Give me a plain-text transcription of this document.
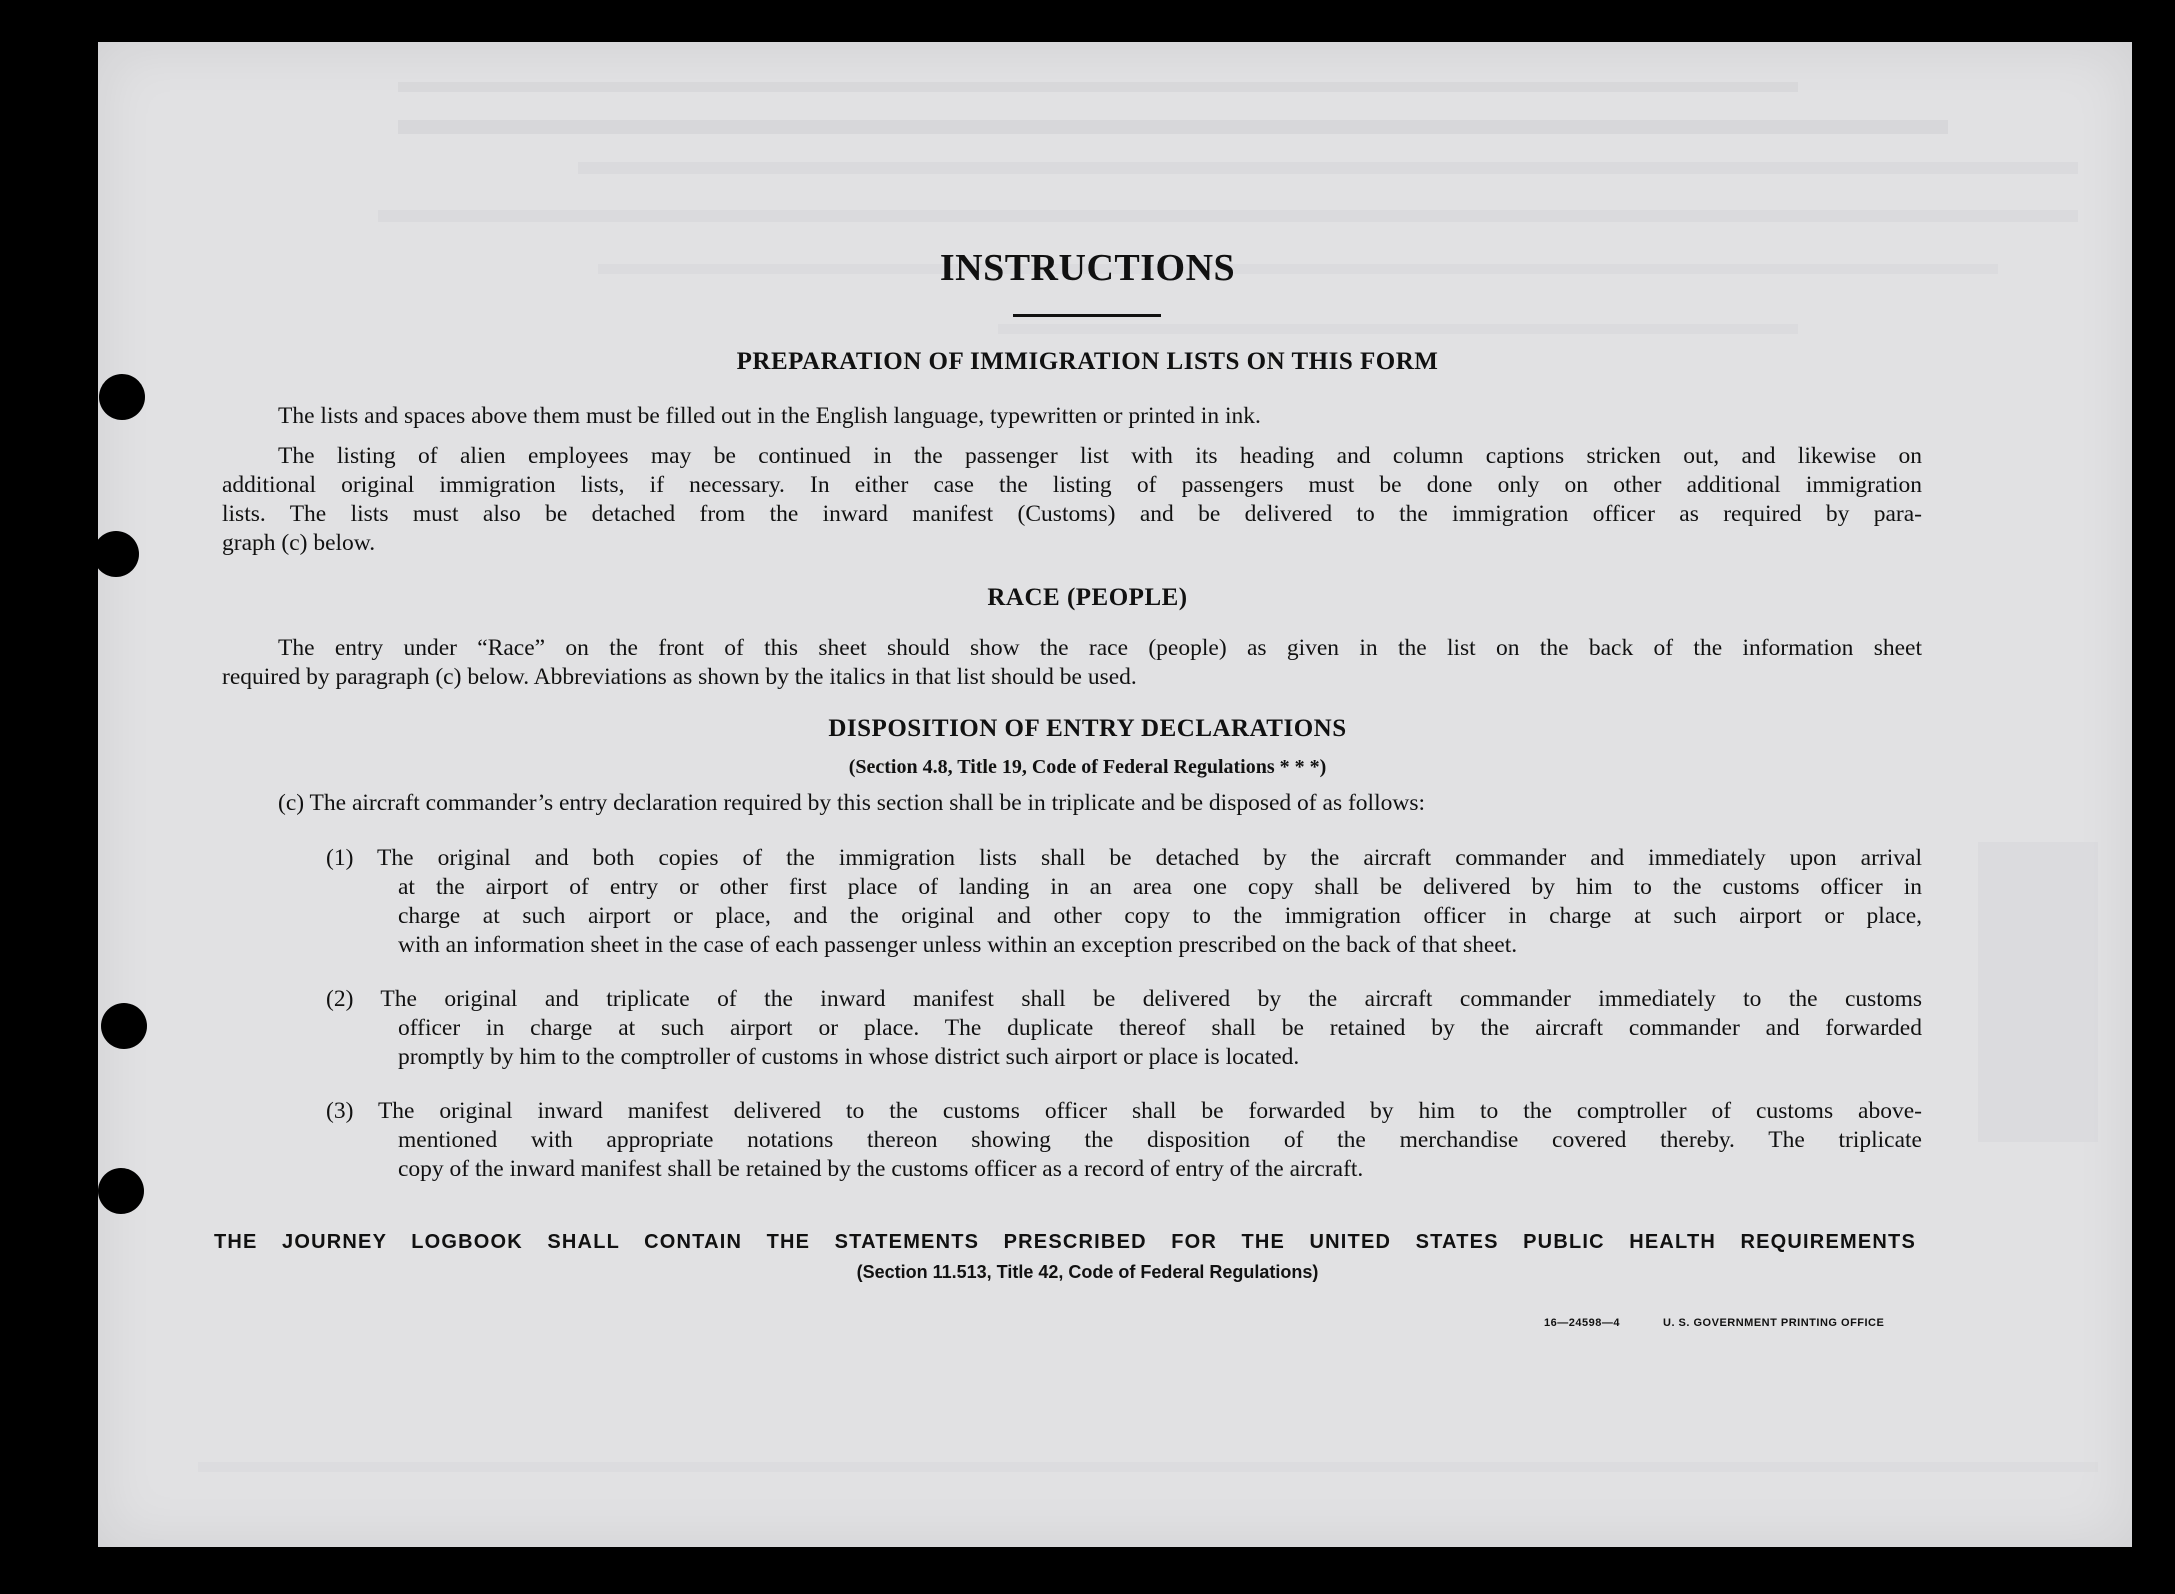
INSTRUCTIONS
PREPARATION OF IMMIGRATION LISTS ON THIS FORM
The lists and spaces above them must be filled out in the English language, typewritten or printed in ink.
The listing of alien employees may be continued in the passenger list with its heading and column captions stricken out, and likewise on
additional original immigration lists, if necessary. In either case the listing of passengers must be done only on other additional immigration
lists. The lists must also be detached from the inward manifest (Customs) and be delivered to the immigration officer as required by para-
graph (c) below.
RACE (PEOPLE)
The entry under “Race” on the front of this sheet should show the race (people) as given in the list on the back of the information sheet
required by paragraph (c) below. Abbreviations as shown by the italics in that list should be used.
DISPOSITION OF ENTRY DECLARATIONS
(Section 4.8, Title 19, Code of Federal Regulations * * *)
(c) The aircraft commander’s entry declaration required by this section shall be in triplicate and be disposed of as follows:
(1) The original and both copies of the immigration lists shall be detached by the aircraft commander and immediately upon arrival
at the airport of entry or other first place of landing in an area one copy shall be delivered by him to the customs officer in
charge at such airport or place, and the original and other copy to the immigration officer in charge at such airport or place,
with an information sheet in the case of each passenger unless within an exception prescribed on the back of that sheet.
(2) The original and triplicate of the inward manifest shall be delivered by the aircraft commander immediately to the customs
officer in charge at such airport or place. The duplicate thereof shall be retained by the aircraft commander and forwarded
promptly by him to the comptroller of customs in whose district such airport or place is located.
(3) The original inward manifest delivered to the customs officer shall be forwarded by him to the comptroller of customs above-
mentioned with appropriate notations thereon showing the disposition of the merchandise covered thereby. The triplicate
copy of the inward manifest shall be retained by the customs officer as a record of entry of the aircraft.
THE JOURNEY LOGBOOK SHALL CONTAIN THE STATEMENTS PRESCRIBED FOR THE UNITED STATES PUBLIC HEALTH REQUIREMENTS
(Section 11.513, Title 42, Code of Federal Regulations)
16—24598—4	U. S. GOVERNMENT PRINTING OFFICE
